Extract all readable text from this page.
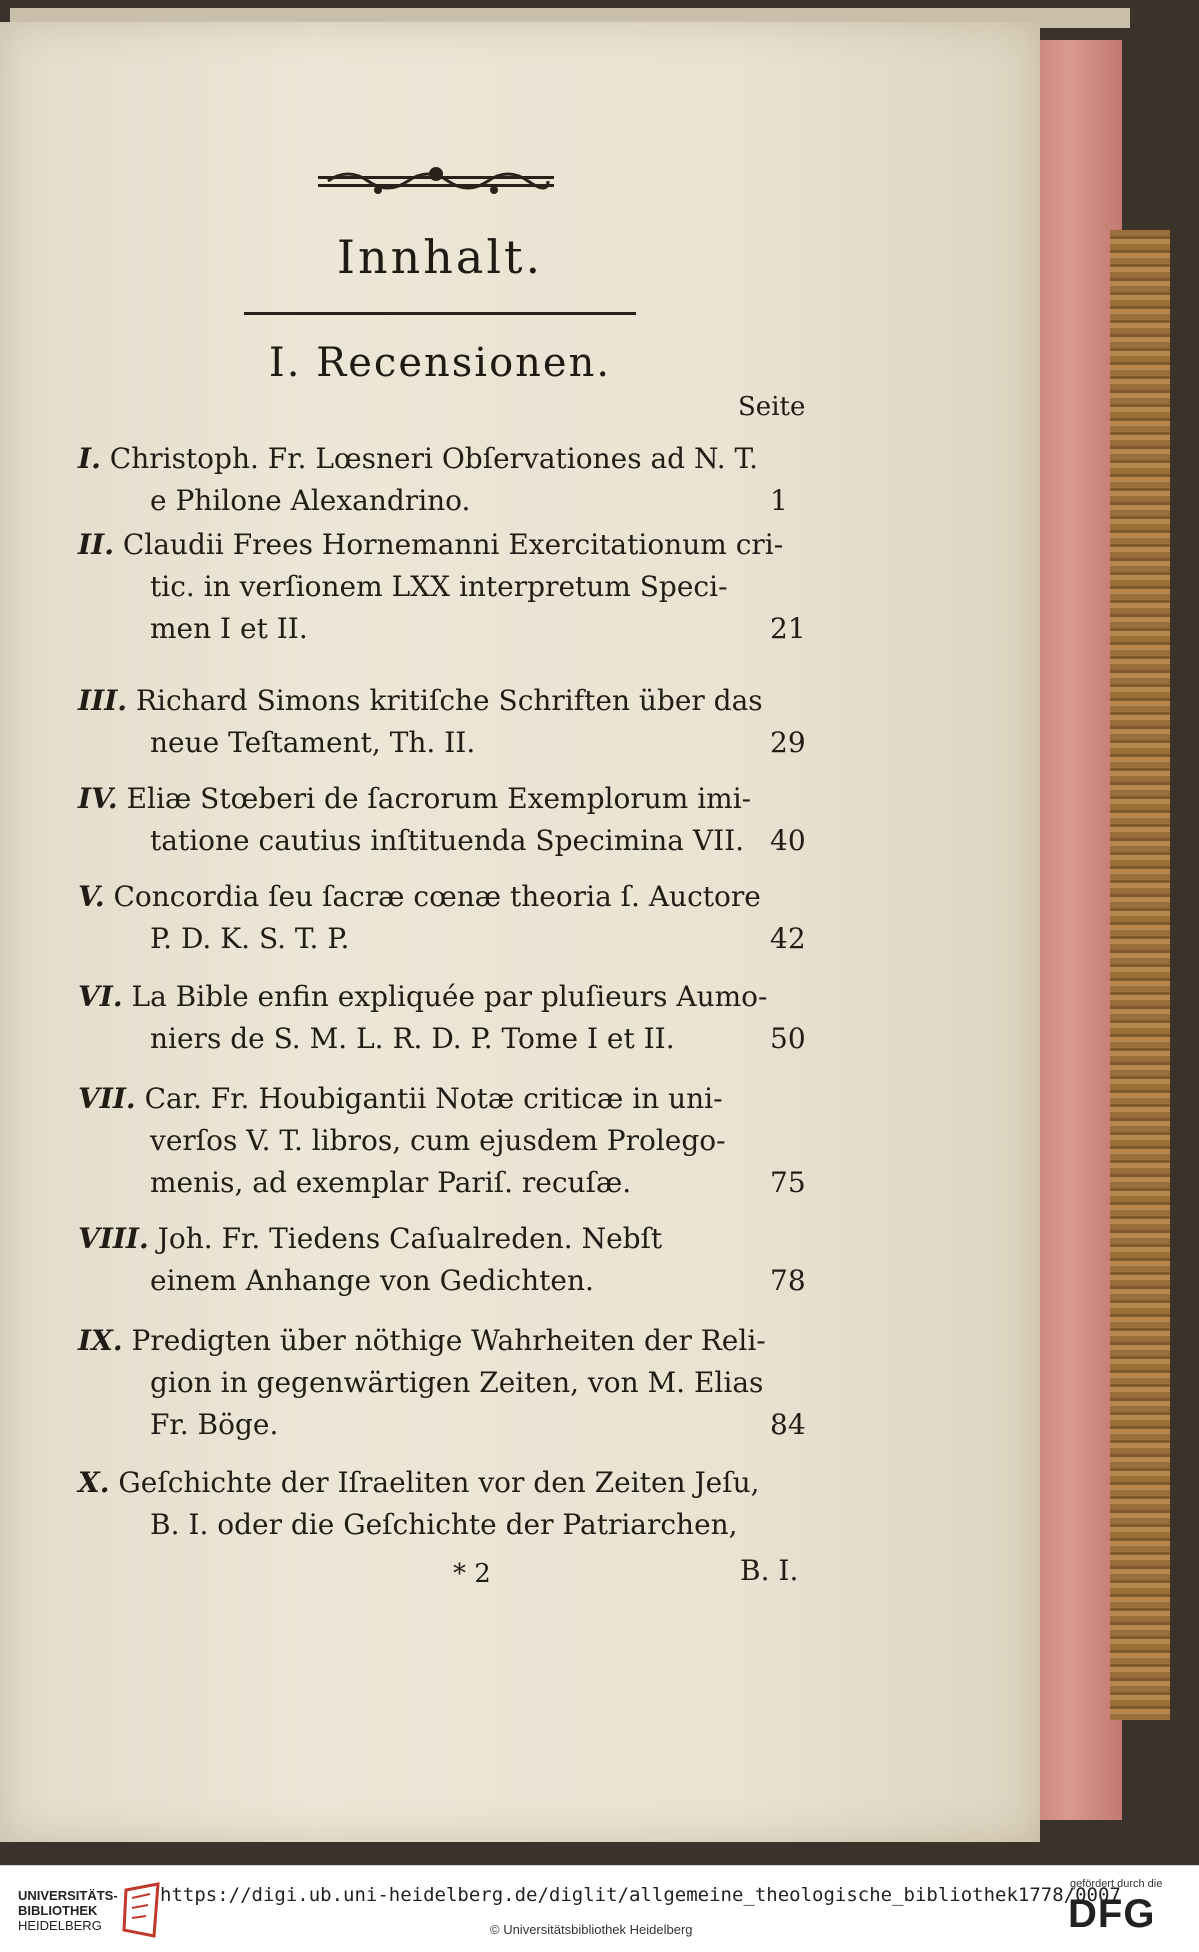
Innhalt.
I. Recensionen.
Seite
I. Christoph. Fr. Lœsneri Obſervationes ad N. T.
e Philone Alexandrino.	1
II. Claudii Frees Hornemanni Exercitationum cri-
tic. in verſionem LXX interpretum Speci-
men I et II.	21
III. Richard Simons kritiſche Schriften über das
neue Teſtament, Th. II.	29
IV. Eliæ Stœberi de ſacrorum Exemplorum imi-
tatione cautius inſtituenda Specimina VII. 40
V. Concordia ſeu ſacræ cœnæ theoria ſ. Auctore
P. D. K. S. T. P.	42
VI. La Bible enfin expliquée par pluſieurs Aumo-
niers de S. M. L. R. D. P. Tome I et II.	50
VII. Car. Fr. Houbigantii Notæ criticæ in uni-
verſos V. T. libros, cum ejusdem Prolego-
menis, ad exemplar Pariſ. recuſæ.	75
VIII. Joh. Fr. Tiedens Caſualreden. Nebſt
einem Anhange von Gedichten.	78
IX. Predigten über nöthige Wahrheiten der Reli-
gion in gegenwärtigen Zeiten, von M. Elias
Fr. Böge.	84
X. Geſchichte der Iſraeliten vor den Zeiten Jeſu,
B. I. oder die Geſchichte der Patriarchen,
* 2	B. I.
UNIVERSITÄTS-
BIBLIOTHEK
HEIDELBERG
https://digi.ub.uni-heidelberg.de/diglit/allgemeine_theologische_bibliothek1778/0007
© Universitätsbibliothek Heidelberg
gefördert durch die
DFG
